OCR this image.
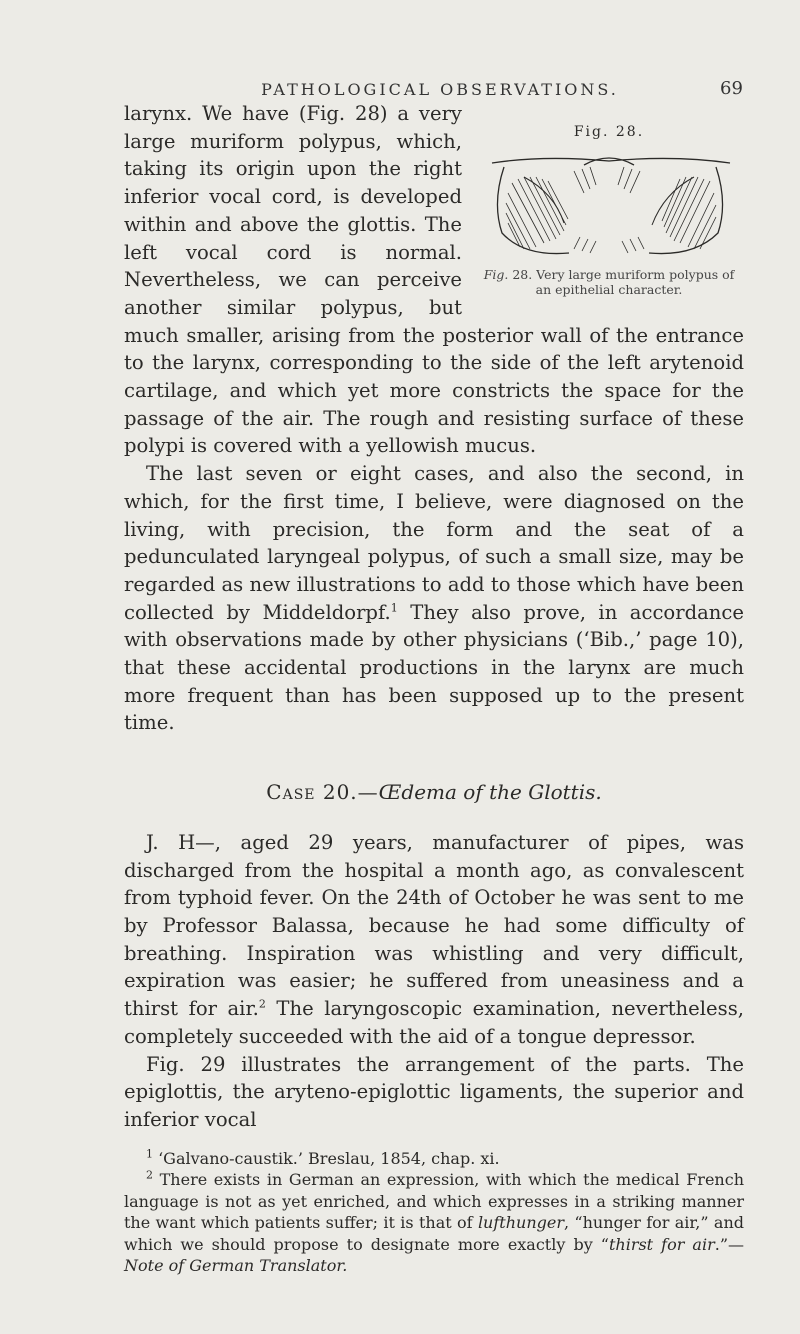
PATHOLOGICAL OBSERVATIONS.	69
Fig. 28.
Fig. 28. Very large muriform polypus of an epithelial character.

larynx. We have (Fig. 28) a very large muriform polypus, which, taking its origin upon the right inferior vocal cord, is developed within and above the glottis. The left vocal cord is normal. Nevertheless, we can perceive another similar polypus, but much smaller, arising from the posterior wall of the entrance to the larynx, corresponding to the side of the left arytenoid cartilage, and which yet more constricts the space for the passage of the air. The rough and resisting surface of these polypi is covered with a yellowish mucus.

The last seven or eight cases, and also the second, in which, for the first time, I believe, were diagnosed on the living, with precision, the form and the seat of a pedunculated laryngeal polypus, of such a small size, may be regarded as new illustrations to add to those which have been collected by Middeldorpf.$^1$ They also prove, in accordance with observations made by other physicians (‘Bib.,’ page 10), that these accidental productions in the larynx are much more frequent than has been supposed up to the present time.

Case 20.—Œdema of the Glottis.

J. H—, aged 29 years, manufacturer of pipes, was discharged from the hospital a month ago, as convalescent from typhoid fever. On the 24th of October he was sent to me by Professor Balassa, because he had some difficulty of breathing. Inspiration was whistling and very difficult, expiration was easier; he suffered from uneasiness and a thirst for air.$^2$ The laryngoscopic examination, nevertheless, completely succeeded with the aid of a tongue depressor.

Fig. 29 illustrates the arrangement of the parts. The epiglottis, the aryteno-epiglottic ligaments, the superior and inferior vocal

$^1$ ‘Galvano-caustik.’ Breslau, 1854, chap. xi.

$^2$ There exists in German an expression, with which the medical French language is not as yet enriched, and which expresses in a striking manner the want which patients suffer; it is that of lufthunger, “hunger for air,” and which we should propose to designate more exactly by “thirst for air.”—Note of German Translator.
